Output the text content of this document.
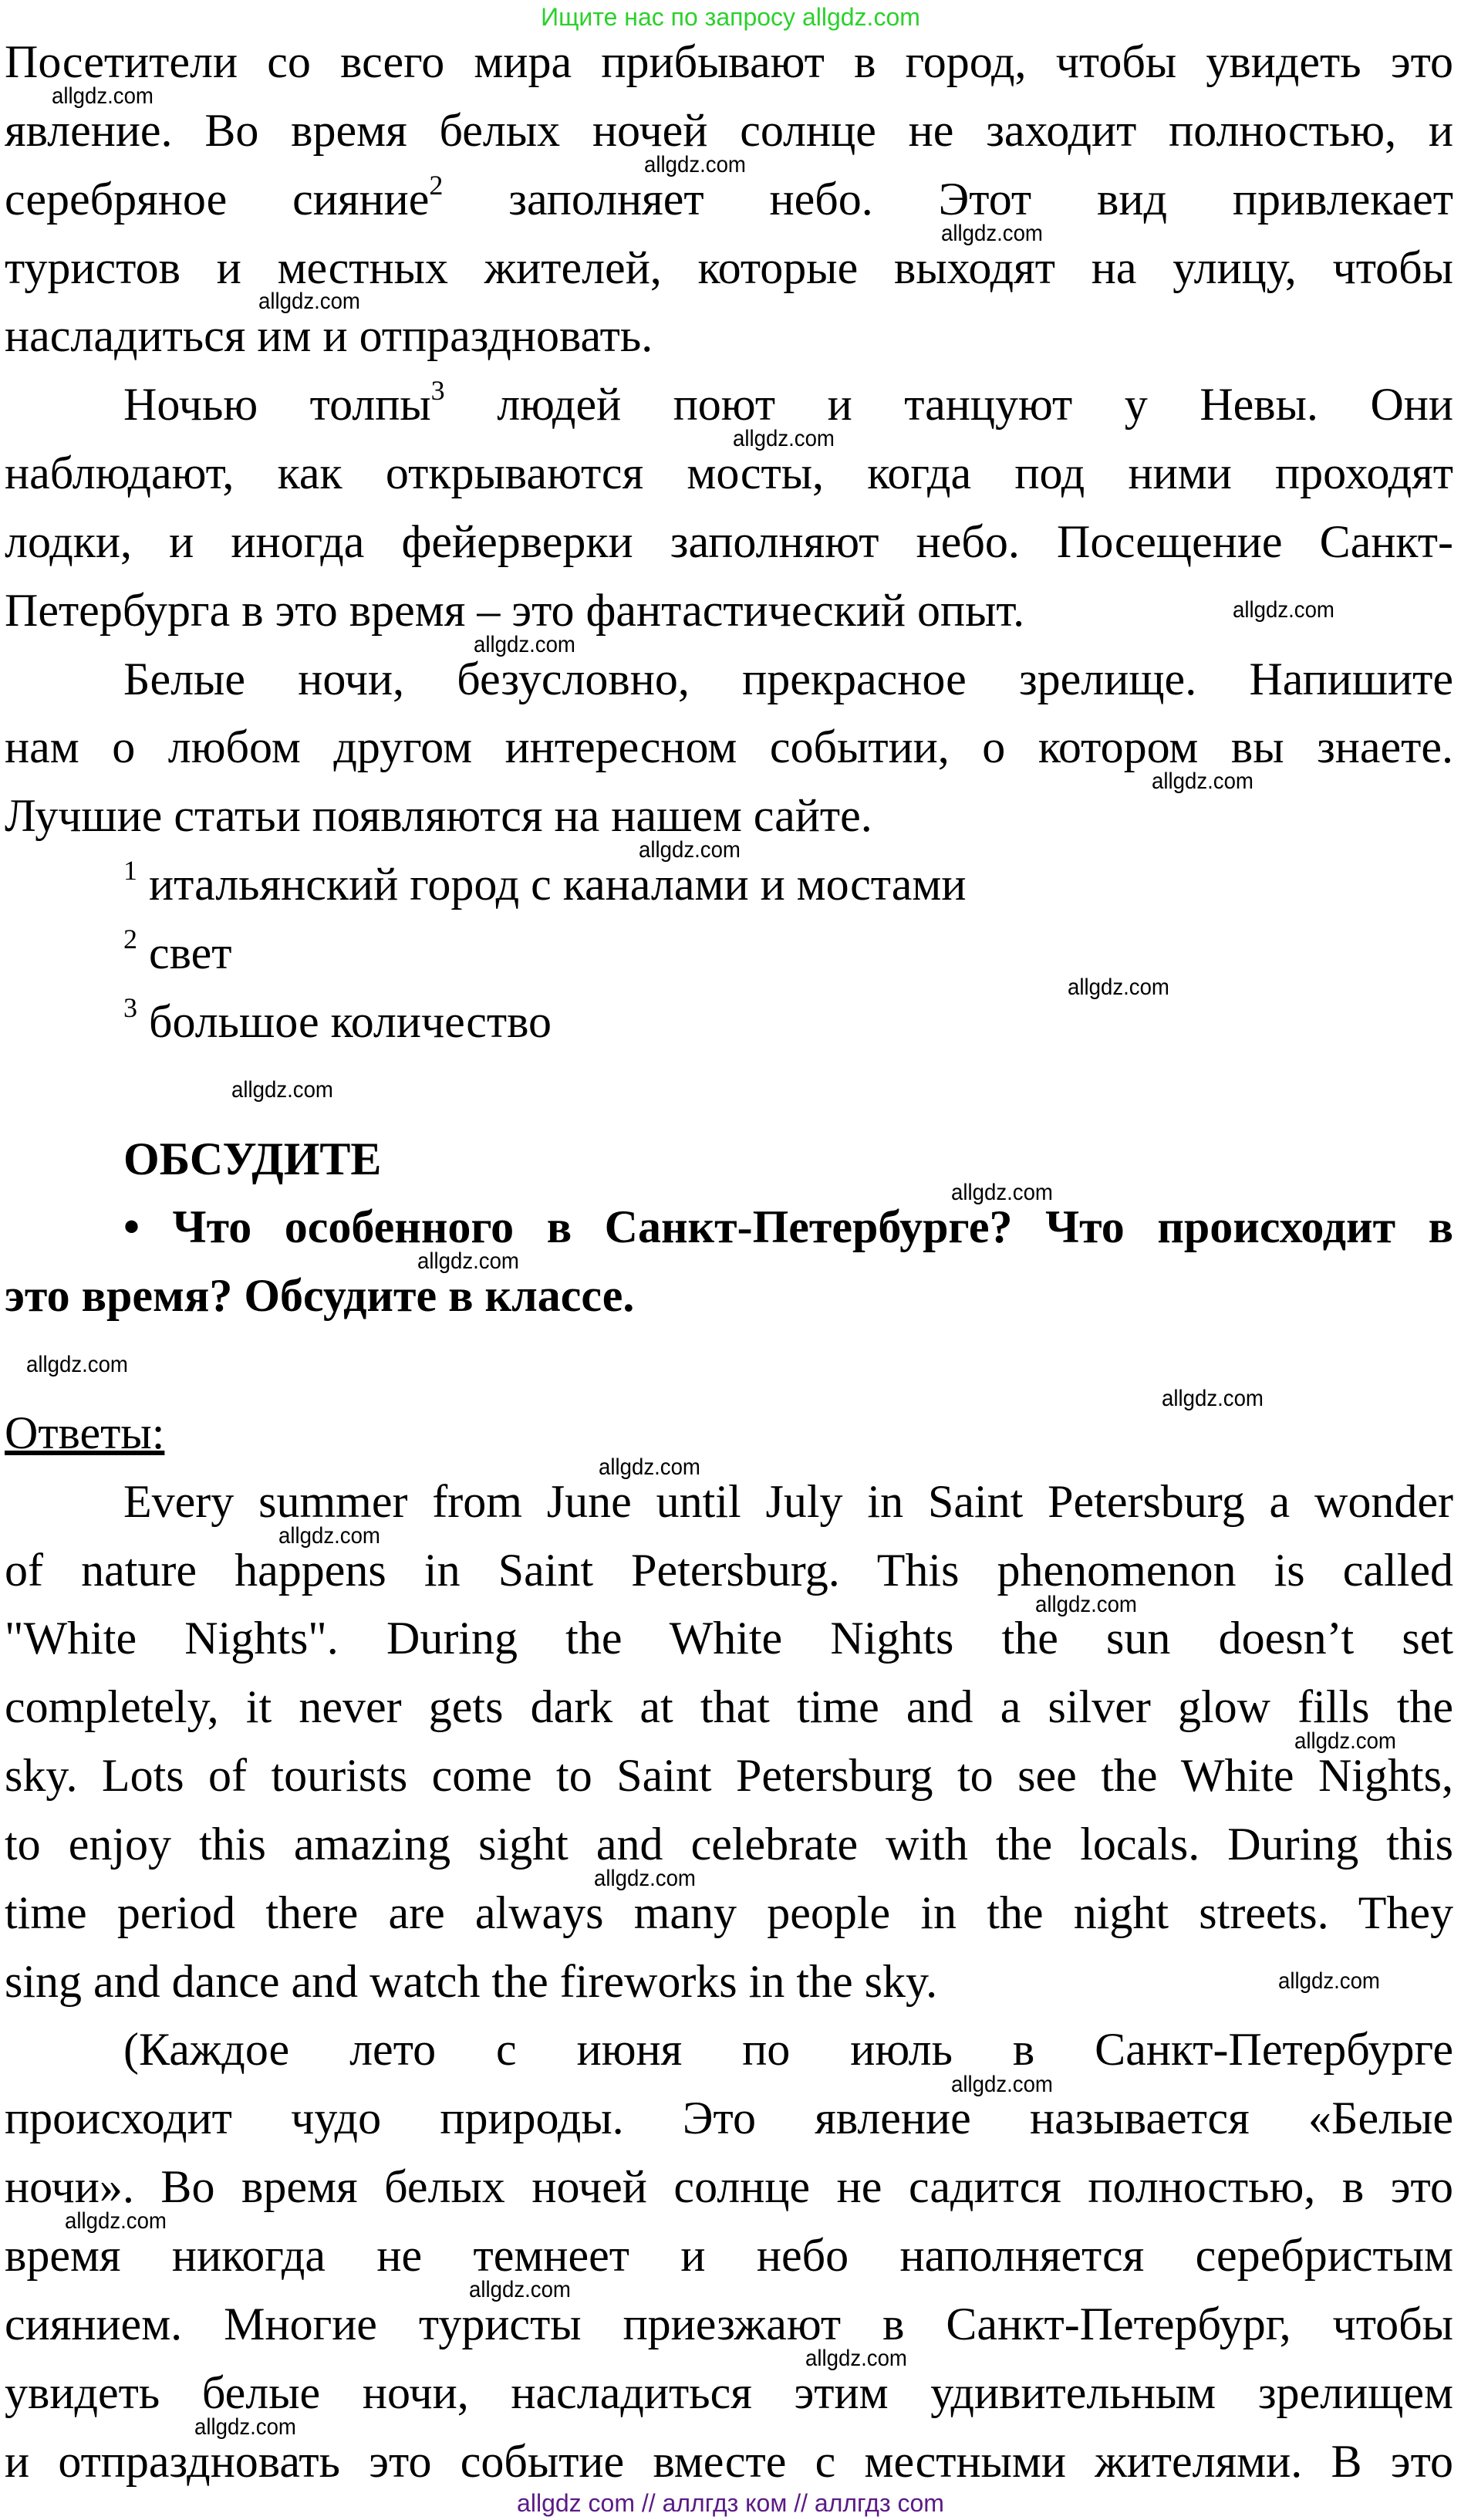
Ищите нас по запросу allgdz.com
Посетители со всего мира прибывают в город, чтобы увидеть это
явление. Во время белых ночей солнце не заходит полностью, и
серебряное сияние$^2$ заполняет небо. Этот вид привлекает
туристов и местных жителей, которые выходят на улицу, чтобы
насладиться им и отпраздновать.
Ночью толпы$^3$ людей поют и танцуют у Невы. Они
наблюдают, как открываются мосты, когда под ними проходят
лодки, и иногда фейерверки заполняют небо. Посещение Санкт-
Петербурга в это время – это фантастический опыт.
Белые ночи, безусловно, прекрасное зрелище. Напишите
нам о любом другом интересном событии, о котором вы знаете.
Лучшие статьи появляются на нашем сайте.
$^1$ итальянский город с каналами и мостами
$^2$ свет
$^3$ большое количество
ОБСУДИТЕ
• Что особенного в Санкт-Петербурге? Что происходит в
это время? Обсудите в классе.
Ответы:
Every summer from June until July in Saint Petersburg a wonder
of nature happens in Saint Petersburg. This phenomenon is called
"White Nights". During the White Nights the sun doesn’t set
completely, it never gets dark at that time and a silver glow fills the
sky. Lots of tourists come to Saint Petersburg to see the White Nights,
to enjoy this amazing sight and celebrate with the locals. During this
time period there are always many people in the night streets. They
sing and dance and watch the fireworks in the sky.
(Каждое лето с июня по июль в Санкт-Петербурге
происходит чудо природы. Это явление называется «Белые
ночи». Во время белых ночей солнце не садится полностью, в это
время никогда не темнеет и небо наполняется серебристым
сиянием. Многие туристы приезжают в Санкт-Петербург, чтобы
увидеть белые ночи, насладиться этим удивительным зрелищем
и отпраздновать это событие вместе с местными жителями. В это
allgdz.com
allgdz.com
allgdz.com
allgdz.com
allgdz.com
allgdz.com
allgdz.com
allgdz.com
allgdz.com
allgdz.com
allgdz.com
allgdz.com
allgdz.com
allgdz.com
allgdz.com
allgdz.com
allgdz.com
allgdz.com
allgdz.com
allgdz.com
allgdz.com
allgdz.com
allgdz.com
allgdz.com
allgdz.com
allgdz.com
allgdz com // аллгдз ком // аллгдз com
